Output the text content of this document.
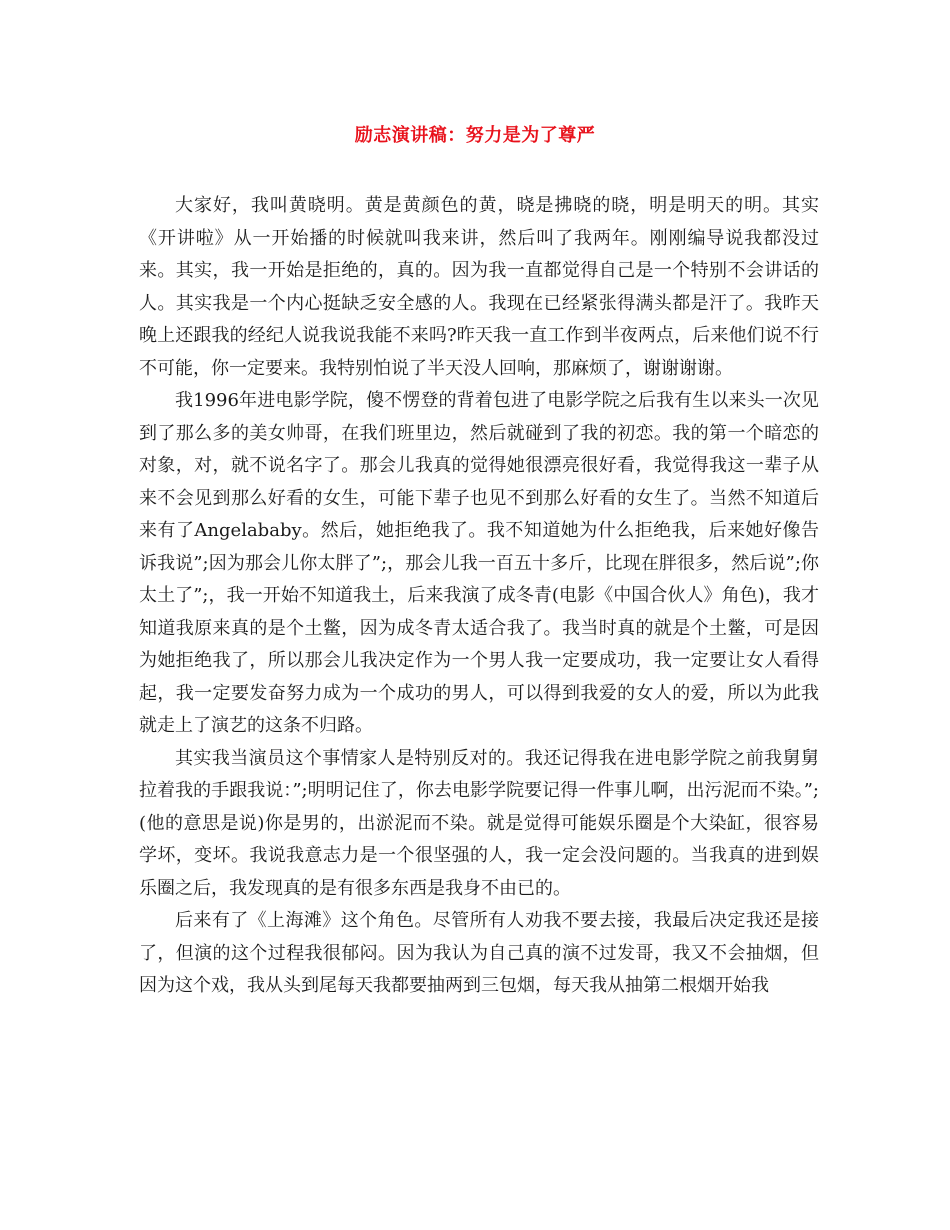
励志演讲稿：努力是为了尊严

大家好，我叫黄晓明。黄是黄颜色的黄，晓是拂晓的晓，明是明天的明。其实《开讲啦》从一开始播的时候就叫我来讲，然后叫了我两年。刚刚编导说我都没过来。其实，我一开始是拒绝的，真的。因为我一直都觉得自己是一个特别不会讲话的人。其实我是一个内心挺缺乏安全感的人。我现在已经紧张得满头都是汗了。我昨天晚上还跟我的经纪人说我说我能不来吗?昨天我一直工作到半夜两点，后来他们说不行不可能，你一定要来。我特别怕说了半天没人回响，那麻烦了，谢谢谢谢。

我1996年进电影学院，傻不愣登的背着包进了电影学院之后我有生以来头一次见到了那么多的美女帅哥，在我们班里边，然后就碰到了我的初恋。我的第一个暗恋的对象，对，就不说名字了。那会儿我真的觉得她很漂亮很好看，我觉得我这一辈子从来不会见到那么好看的女生，可能下辈子也见不到那么好看的女生了。当然不知道后来有了Angelababy。然后，她拒绝我了。我不知道她为什么拒绝我，后来她好像告诉我说”;因为那会儿你太胖了”;，那会儿我一百五十多斤，比现在胖很多，然后说”;你太土了”;，我一开始不知道我土，后来我演了成冬青(电影《中国合伙人》角色)，我才知道我原来真的是个土鳖，因为成冬青太适合我了。我当时真的就是个土鳖，可是因为她拒绝我了，所以那会儿我决定作为一个男人我一定要成功，我一定要让女人看得起，我一定要发奋努力成为一个成功的男人，可以得到我爱的女人的爱，所以为此我就走上了演艺的这条不归路。

其实我当演员这个事情家人是特别反对的。我还记得我在进电影学院之前我舅舅拉着我的手跟我说：”;明明记住了，你去电影学院要记得一件事儿啊，出污泥而不染。”;(他的意思是说)你是男的，出淤泥而不染。就是觉得可能娱乐圈是个大染缸，很容易学坏，变坏。我说我意志力是一个很坚强的人，我一定会没问题的。当我真的进到娱乐圈之后，我发现真的是有很多东西是我身不由已的。

后来有了《上海滩》这个角色。尽管所有人劝我不要去接，我最后决定我还是接了，但演的这个过程我很郁闷。因为我认为自己真的演不过发哥，我又不会抽烟，但因为这个戏，我从头到尾每天我都要抽两到三包烟，每天我从抽第二根烟开始我
